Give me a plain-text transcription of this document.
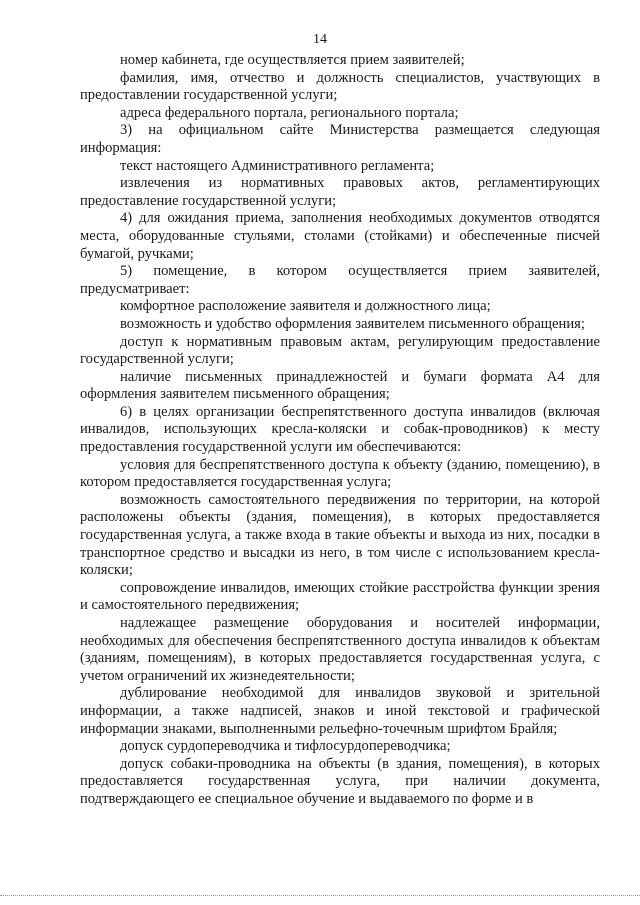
14

номер кабинета, где осуществляется прием заявителей;

фамилия, имя, отчество и должность специалистов, участвующих в предоставлении государственной услуги;

адреса федерального портала, регионального портала;

3) на официальном сайте Министерства размещается следующая информация:

текст настоящего Административного регламента;

извлечения из нормативных правовых актов, регламентирующих предоставление государственной услуги;

4) для ожидания приема, заполнения необходимых документов отводятся места, оборудованные стульями, столами (стойками) и обеспеченные писчей бумагой, ручками;

5) помещение, в котором осуществляется прием заявителей, предусматривает:

комфортное расположение заявителя и должностного лица;

возможность и удобство оформления заявителем письменного обращения;

доступ к нормативным правовым актам, регулирующим предоставление государственной услуги;

наличие письменных принадлежностей и бумаги формата А4 для оформления заявителем письменного обращения;

6) в целях организации беспрепятственного доступа инвалидов (включая инвалидов, использующих кресла-коляски и собак-проводников) к месту предоставления государственной услуги им обеспечиваются:

условия для беспрепятственного доступа к объекту (зданию, помещению), в котором предоставляется государственная услуга;

возможность самостоятельного передвижения по территории, на которой расположены объекты (здания, помещения), в которых предоставляется государственная услуга, а также входа в такие объекты и выхода из них, посадки в транспортное средство и высадки из него, в том числе с использованием кресла-коляски;

сопровождение инвалидов, имеющих стойкие расстройства функции зрения и самостоятельного передвижения;

надлежащее размещение оборудования и носителей информации, необходимых для обеспечения беспрепятственного доступа инвалидов к объектам (зданиям, помещениям), в которых предоставляется государственная услуга, с учетом ограничений их жизнедеятельности;

дублирование необходимой для инвалидов звуковой и зрительной информации, а также надписей, знаков и иной текстовой и графической информации знаками, выполненными рельефно-точечным шрифтом Брайля;

допуск сурдопереводчика и тифлосурдопереводчика;

допуск собаки-проводника на объекты (в здания, помещения), в которых предоставляется государственная услуга, при наличии документа, подтверждающего ее специальное обучение и выдаваемого по форме и в
